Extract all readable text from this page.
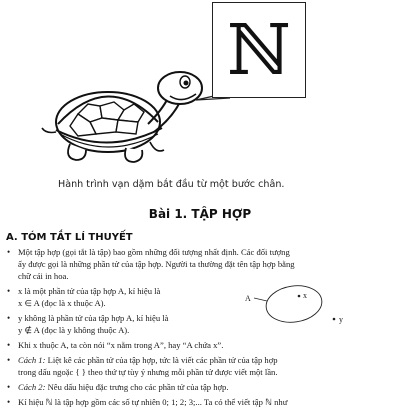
ℕ
Hành trình vạn dặm bắt đầu từ một bước chân.
Bài 1. TẬP HỢP
A. TÓM TẮT LÍ THUYẾT
• Một tập hợp (gọi tắt là tập) bao gồm những đối tượng nhất định. Các đối tượng
ấy được gọi là những phần tử của tập hợp. Người ta thường đặt tên tập hợp bằng
chữ cái in hoa.
• x là một phần tử của tập hợp A, kí hiệu là
x ∈ A (đọc là x thuộc A).
• y không là phần tử của tập hợp A, kí hiệu là
y ∉ A (đọc là y không thuộc A).
• Khi x thuộc A, ta còn nói “x nằm trong A”, hay “A chứa x”.
• Cách 1: Liệt kê các phần tử của tập hợp, tức là viết các phần tử của tập hợp
trong dấu ngoặc { } theo thứ tự tùy ý nhưng mỗi phần tử được viết một lần.
• Cách 2: Nêu dấu hiệu đặc trưng cho các phần tử của tập hợp.
• Kí hiệu ℕ là tập hợp gồm các số tự nhiên 0; 1; 2; 3;... Ta có thể viết tập ℕ như
A	x
y
